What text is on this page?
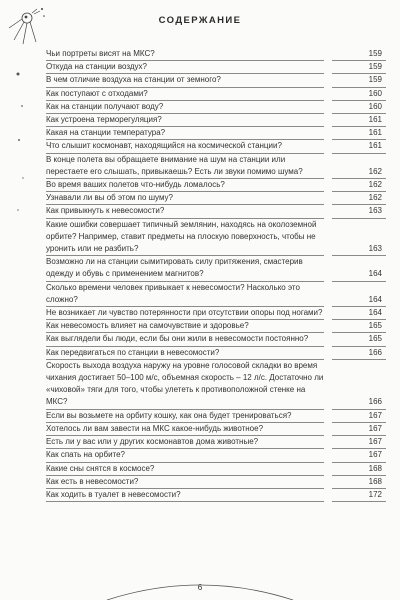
СОДЕРЖАНИЕ
Чьи портреты висят на МКС?	159
Откуда на станции воздух?	159
В чем отличие воздуха на станции от земного?	159
Как поступают с отходами?	160
Как на станции получают воду?	160
Как устроена терморегуляция?	161
Какая на станции температура?	161
Что слышит космонавт, находящийся на космической станции?	161
В конце полета вы обращаете внимание на шум на станции или перестаете его слышать, привыкаешь? Есть ли звуки помимо шума?	162
Во время ваших полетов что-нибудь ломалось?	162
Узнавали ли вы об этом по шуму?	162
Как привыкнуть к невесомости?	163
Какие ошибки совершает типичный землянин, находясь на околоземной орбите? Например, ставит предметы на плоскую поверхность, чтобы не уронить или не разбить?	163
Возможно ли на станции сымитировать силу притяжения, смастерив одежду и обувь с применением магнитов?	164
Сколько времени человек привыкает к невесомости? Насколько это сложно?	164
Не возникает ли чувство потерянности при отсутствии опоры под ногами?	164
Как невесомость влияет на самочувствие и здоровье?	165
Как выглядели бы люди, если бы они жили в невесомости постоянно?	165
Как передвигаться по станции в невесомости?	166
Скорость выхода воздуха наружу на уровне голосовой складки во время чихания достигает 50–100 м/с, объемная скорость – 12 л/с. Достаточно ли «чиховой» тяги для того, чтобы улететь к противоположной стенке на МКС?	166
Если вы возьмете на орбиту кошку, как она будет тренироваться?	167
Хотелось ли вам завести на МКС какое-нибудь животное?	167
Есть ли у вас или у других космонавтов дома животные?	167
Как спать на орбите?	167
Какие сны снятся в космосе?	168
Как есть в невесомости?	168
Как ходить в туалет в невесомости?	172
6
